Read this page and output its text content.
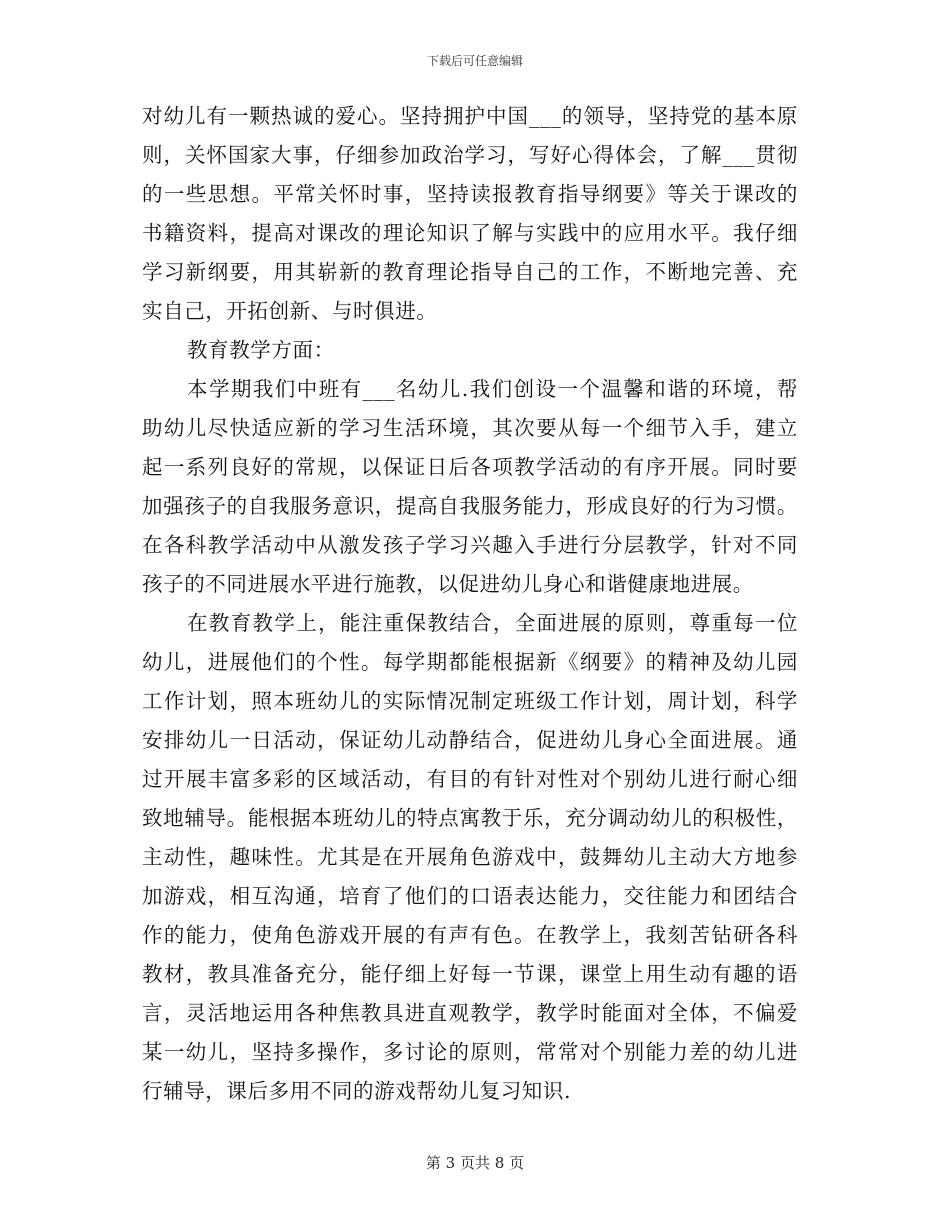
下载后可任意编辑
对幼儿有一颗热诚的爱心。坚持拥护中国___的领导，坚持党的基本原
则，关怀国家大事，仔细参加政治学习，写好心得体会，了解___贯彻
的一些思想。平常关怀时事，坚持读报教育指导纲要》等关于课改的
书籍资料，提高对课改的理论知识了解与实践中的应用水平。我仔细
学习新纲要，用其崭新的教育理论指导自己的工作，不断地完善、充
实自己，开拓创新、与时俱进。
教育教学方面：
本学期我们中班有___名幼儿.我们创设一个温馨和谐的环境，帮
助幼儿尽快适应新的学习生活环境，其次要从每一个细节入手，建立
起一系列良好的常规，以保证日后各项教学活动的有序开展。同时要
加强孩子的自我服务意识，提高自我服务能力，形成良好的行为习惯。
在各科教学活动中从激发孩子学习兴趣入手进行分层教学，针对不同
孩子的不同进展水平进行施教，以促进幼儿身心和谐健康地进展。
在教育教学上，能注重保教结合，全面进展的原则，尊重每一位
幼儿，进展他们的个性。每学期都能根据新《纲要》的精神及幼儿园
工作计划，照本班幼儿的实际情况制定班级工作计划，周计划，科学
安排幼儿一日活动，保证幼儿动静结合，促进幼儿身心全面进展。通
过开展丰富多彩的区域活动，有目的有针对性对个别幼儿进行耐心细
致地辅导。能根据本班幼儿的特点寓教于乐，充分调动幼儿的积极性，
主动性，趣味性。尤其是在开展角色游戏中，鼓舞幼儿主动大方地参
加游戏，相互沟通，培育了他们的口语表达能力，交往能力和团结合
作的能力，使角色游戏开展的有声有色。在教学上，我刻苦钻研各科
教材，教具准备充分，能仔细上好每一节课，课堂上用生动有趣的语
言，灵活地运用各种焦教具进直观教学，教学时能面对全体，不偏爱
某一幼儿，坚持多操作，多讨论的原则，常常对个别能力差的幼儿进
行辅导，课后多用不同的游戏帮幼儿复习知识.
第 3 页共 8 页
